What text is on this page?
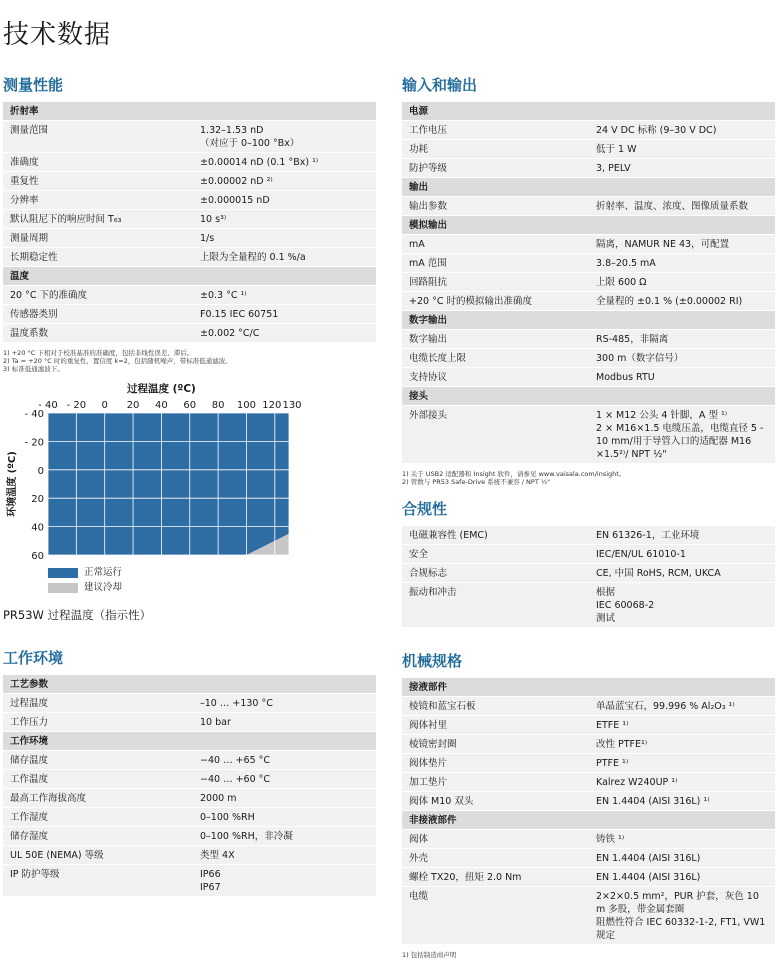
技术数据
测量性能
折射率	
测量范围	1.32–1.53 nD
（对应于 0–100 °Bx）
准确度	±0.00014 nD (0.1 °Bx) ¹⁾
重复性	±0.00002 nD ²⁾
分辨率	±0.000015 nD
默认阻尼下的响应时间 T₆₃	10 s³⁾
测量周期	1/s
长期稳定性	上限为全量程的 0.1 %/a
温度	
20 °C 下的准确度	±0.3 °C ¹⁾
传感器类别	F0.15 IEC 60751
温度系数	±0.002 °C/C
1) +20 °C 下相对于校准基准的准确度，包括非线性误差、滞后。
2) Ta = +20 °C 时的重复性，置信度 k=2，包括随机噪声，带标准低通滤波。
3) 标准低通滤波下。
- 40 - 20 0 20 40 60 80 100 120 130
- 40
- 20
0
20
40
60
过程温度 (ºC)
环境温度 (ºC)
正常运行
建议冷却
PR53W 过程温度（指示性）
工作环境
工艺参数	
过程温度	–10 … +130 °C
工作压力	10 bar
工作环境	
储存温度	−40 … +65 °C
工作温度	−40 … +60 °C
最高工作海拔高度	2000 m
工作湿度	0–100 %RH
储存湿度	0–100 %RH，非冷凝
UL 50E (NEMA) 等级	类型 4X
IP 防护等级	IP66
IP67
输入和输出
电源	
工作电压	24 V DC 标称 (9–30 V DC)
功耗	低于 1 W
防护等级	3, PELV
输出	
输出参数	折射率、温度、浓度、图像质量系数
模拟输出	
mA	隔离，NAMUR NE 43，可配置
mA 范围	3.8–20.5 mA
回路阻抗	上限 600 Ω
+20 °C 时的模拟输出准确度	全量程的 ±0.1 % (±0.00002 RI)
数字输出	
数字输出	RS-485，非隔离
电缆长度上限	300 m（数字信号）
支持协议	Modbus RTU
接头	
外部接头	1 × M12 公头 4 针脚，A 型 ¹⁾
2 × M16×1.5 电缆压盖，电缆直径 5 - 10 mm/用于导管入口的适配器 M16 ×1.5²⁾/ NPT ½"
1) 关于 USB2 适配器和 Insight 软件，请参见 www.vaisala.com/insight。
2) 管数与 PR53 Safe-Drive 系统不兼容 / NPT ½"
合规性
电磁兼容性 (EMC)	EN 61326-1，工业环境
安全	IEC/EN/UL 61010-1
合规标志	CE, 中国 RoHS, RCM, UKCA
振动和冲击	根据
IEC 60068-2
测试
机械规格
接液部件	
棱镜和蓝宝石板	单晶蓝宝石，99.996 % Al₂O₃ ¹⁾
阀体衬里	ETFE ¹⁾
棱镜密封圈	改性 PTFE¹⁾
阀体垫片	PTFE ¹⁾
加工垫片	Kalrez W240UP ¹⁾
阀体 M10 双头	EN 1.4404 (AISI 316L) ¹⁾
非接液部件	
阀体	铸铁 ¹⁾
外壳	EN 1.4404 (AISI 316L)
螺栓 TX20，扭矩 2.0 Nm	EN 1.4404 (AISI 316L)
电缆	2×2×0.5 mm²，PUR 护套，灰色 10 m 多股，带金属套圈
阻燃性符合 IEC 60332-1-2, FT1, VW1 规定
1) 包括制造商声明
